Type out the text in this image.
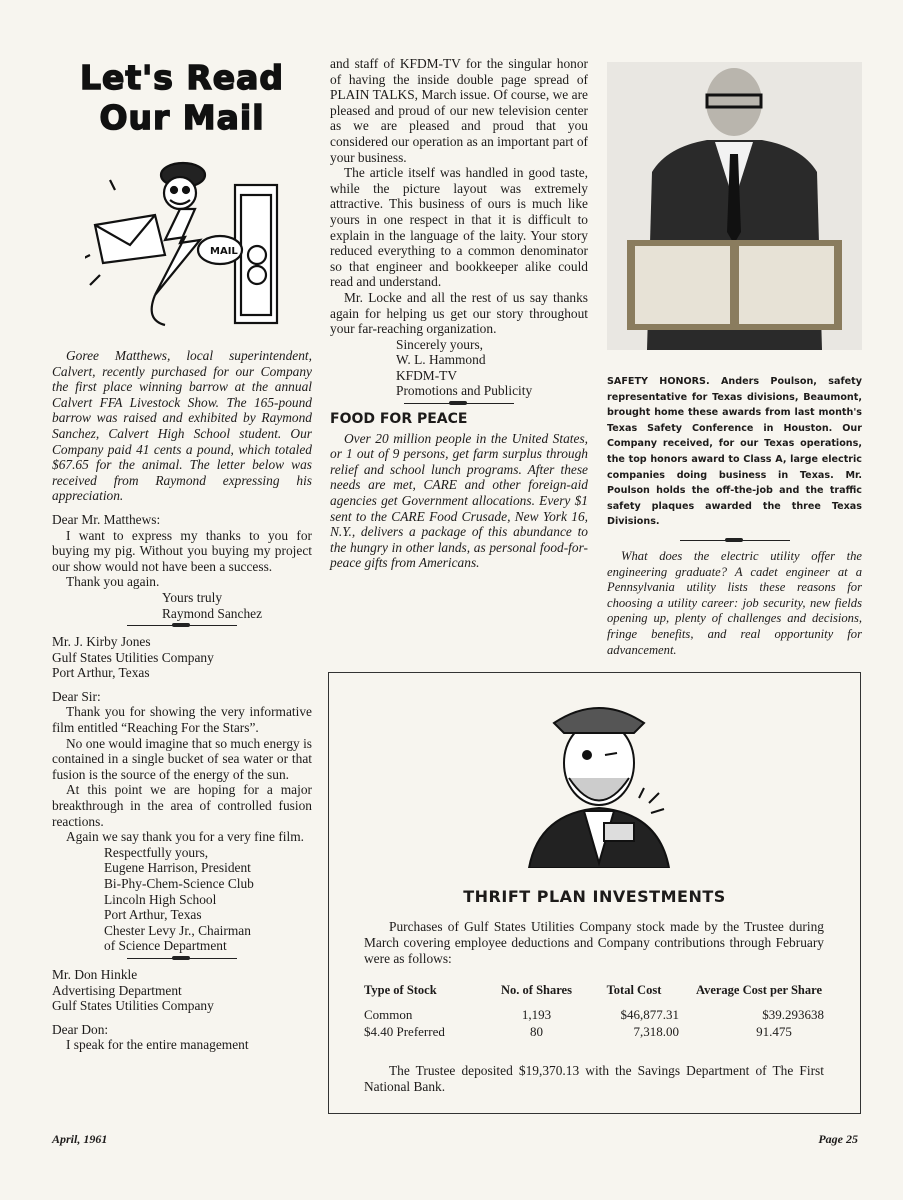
Let's Read Our Mail
MAIL

Goree Matthews, local superintendent, Calvert, recently purchased for our Company the first place winning barrow at the annual Calvert FFA Livestock Show. The 165-pound barrow was raised and exhibited by Raymond Sanchez, Calvert High School student. Our Company paid 41 cents a pound, which totaled $67.65 for the animal. The letter below was received from Raymond expressing his appreciation.

Dear Mr. Matthews:

I want to express my thanks to you for buying my pig. Without you buying my project our show would not have been a success.

Thank you again.

Yours truly

Raymond Sanchez

Mr. J. Kirby Jones

Gulf States Utilities Company

Port Arthur, Texas

Dear Sir:

Thank you for showing the very informative film entitled “Reaching For the Stars”.

No one would imagine that so much energy is contained in a single bucket of sea water or that fusion is the source of the energy of the sun.

At this point we are hoping for a major breakthrough in the area of controlled fusion reactions.

Again we say thank you for a very fine film.

Respectfully yours,

Eugene Harrison, President

Bi-Phy-Chem-Science Club

Lincoln High School

Port Arthur, Texas

Chester Levy Jr., Chairman

of Science Department

Mr. Don Hinkle

Advertising Department

Gulf States Utilities Company

Dear Don:

I speak for the entire management

and staff of KFDM-TV for the singular honor of having the inside double page spread of PLAIN TALKS, March issue. Of course, we are pleased and proud of our new television center as we are pleased and proud that you considered our operation as an important part of your business.

The article itself was handled in good taste, while the picture layout was extremely attractive. This business of ours is much like yours in one respect in that it is difficult to explain in the language of the laity. Your story reduced everything to a common denominator so that engineer and bookkeeper alike could read and understand.

Mr. Locke and all the rest of us say thanks again for helping us get our story throughout your far-reaching organization.

Sincerely yours,

W. L. Hammond

KFDM-TV

Promotions and Publicity

FOOD FOR PEACE

Over 20 million people in the United States, or 1 out of 9 persons, get farm surplus through relief and school lunch programs. After these needs are met, CARE and other foreign-aid agencies get Government allocations. Every $1 sent to the CARE Food Crusade, New York 16, N.Y., delivers a package of this abundance to the hungry in other lands, as personal food-for-peace gifts from Americans.

SAFETY HONORS. Anders Poulson, safety representative for Texas divisions, Beaumont, brought home these awards from last month's Texas Safety Conference in Houston. Our Company received, for our Texas operations, the top honors award to Class A, large electric companies doing business in Texas. Mr. Poulson holds the off-the-job and the traffic safety plaques awarded the three Texas Divisions.

What does the electric utility offer the engineering graduate? A cadet engineer at a Pennsylvania utility lists these reasons for choosing a utility career: job security, new fields opening up, plenty of challenges and decisions, fringe benefits, and real opportunity for advancement.

THRIFT PLAN INVESTMENTS

Purchases of Gulf States Utilities Company stock made by the Trustee during March covering employee deductions and Company contributions through February were as follows:

Type of Stock	No. of Shares	Total Cost	Average Cost per Share
Common	1,193	$46,877.31	$39.293638
$4.40 Preferred	80	7,318.00	91.475

The Trustee deposited $19,370.13 with the Savings Department of The First National Bank.

April, 1961	Page 25
